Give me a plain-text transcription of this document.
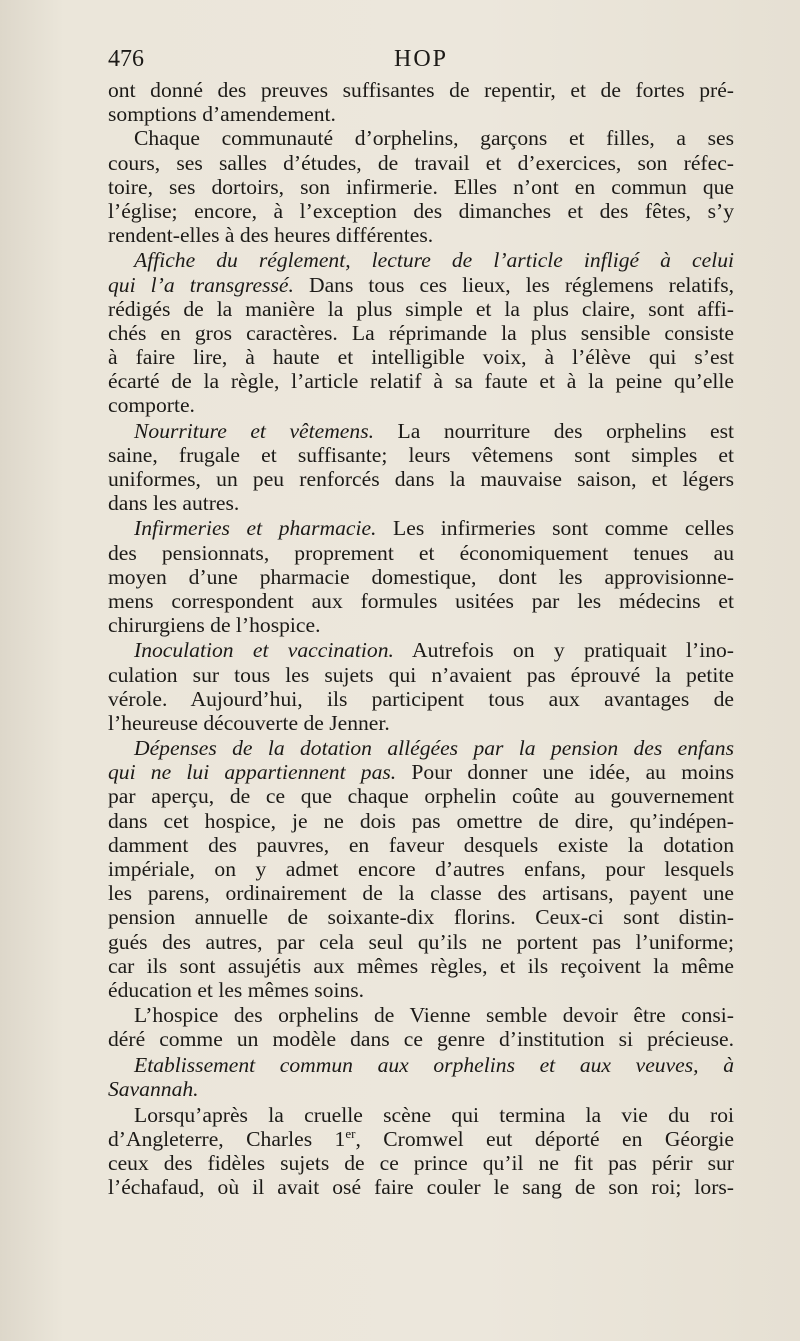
476	HOP
ont donné des preuves suffisantes de repentir, et de fortes pré-
somptions d’amendement.
Chaque communauté d’orphelins, garçons et filles, a ses
cours, ses salles d’études, de travail et d’exercices, son réfec-
toire, ses dortoirs, son infirmerie. Elles n’ont en commun que
l’église; encore, à l’exception des dimanches et des fêtes, s’y
rendent-elles à des heures différentes.
Affiche du réglement, lecture de l’article infligé à celui
qui l’a transgressé. Dans tous ces lieux, les réglemens relatifs,
rédigés de la manière la plus simple et la plus claire, sont affi-
chés en gros caractères. La réprimande la plus sensible consiste
à faire lire, à haute et intelligible voix, à l’élève qui s’est
écarté de la règle, l’article relatif à sa faute et à la peine qu’elle
comporte.
Nourriture et vêtemens. La nourriture des orphelins est
saine, frugale et suffisante; leurs vêtemens sont simples et
uniformes, un peu renforcés dans la mauvaise saison, et légers
dans les autres.
Infirmeries et pharmacie. Les infirmeries sont comme celles
des pensionnats, proprement et économiquement tenues au
moyen d’une pharmacie domestique, dont les approvisionne-
mens correspondent aux formules usitées par les médecins et
chirurgiens de l’hospice.
Inoculation et vaccination. Autrefois on y pratiquait l’ino-
culation sur tous les sujets qui n’avaient pas éprouvé la petite
vérole. Aujourd’hui, ils participent tous aux avantages de
l’heureuse découverte de Jenner.
Dépenses de la dotation allégées par la pension des enfans
qui ne lui appartiennent pas. Pour donner une idée, au moins
par aperçu, de ce que chaque orphelin coûte au gouvernement
dans cet hospice, je ne dois pas omettre de dire, qu’indépen-
damment des pauvres, en faveur desquels existe la dotation
impériale, on y admet encore d’autres enfans, pour lesquels
les parens, ordinairement de la classe des artisans, payent une
pension annuelle de soixante-dix florins. Ceux-ci sont distin-
gués des autres, par cela seul qu’ils ne portent pas l’uniforme;
car ils sont assujétis aux mêmes règles, et ils reçoivent la même
éducation et les mêmes soins.
L’hospice des orphelins de Vienne semble devoir être consi-
déré comme un modèle dans ce genre d’institution si précieuse.
Etablissement commun aux orphelins et aux veuves, à
Savannah.
Lorsqu’après la cruelle scène qui termina la vie du roi
d’Angleterre, Charles 1er, Cromwel eut déporté en Géorgie
ceux des fidèles sujets de ce prince qu’il ne fit pas périr sur
l’échafaud, où il avait osé faire couler le sang de son roi; lors-
